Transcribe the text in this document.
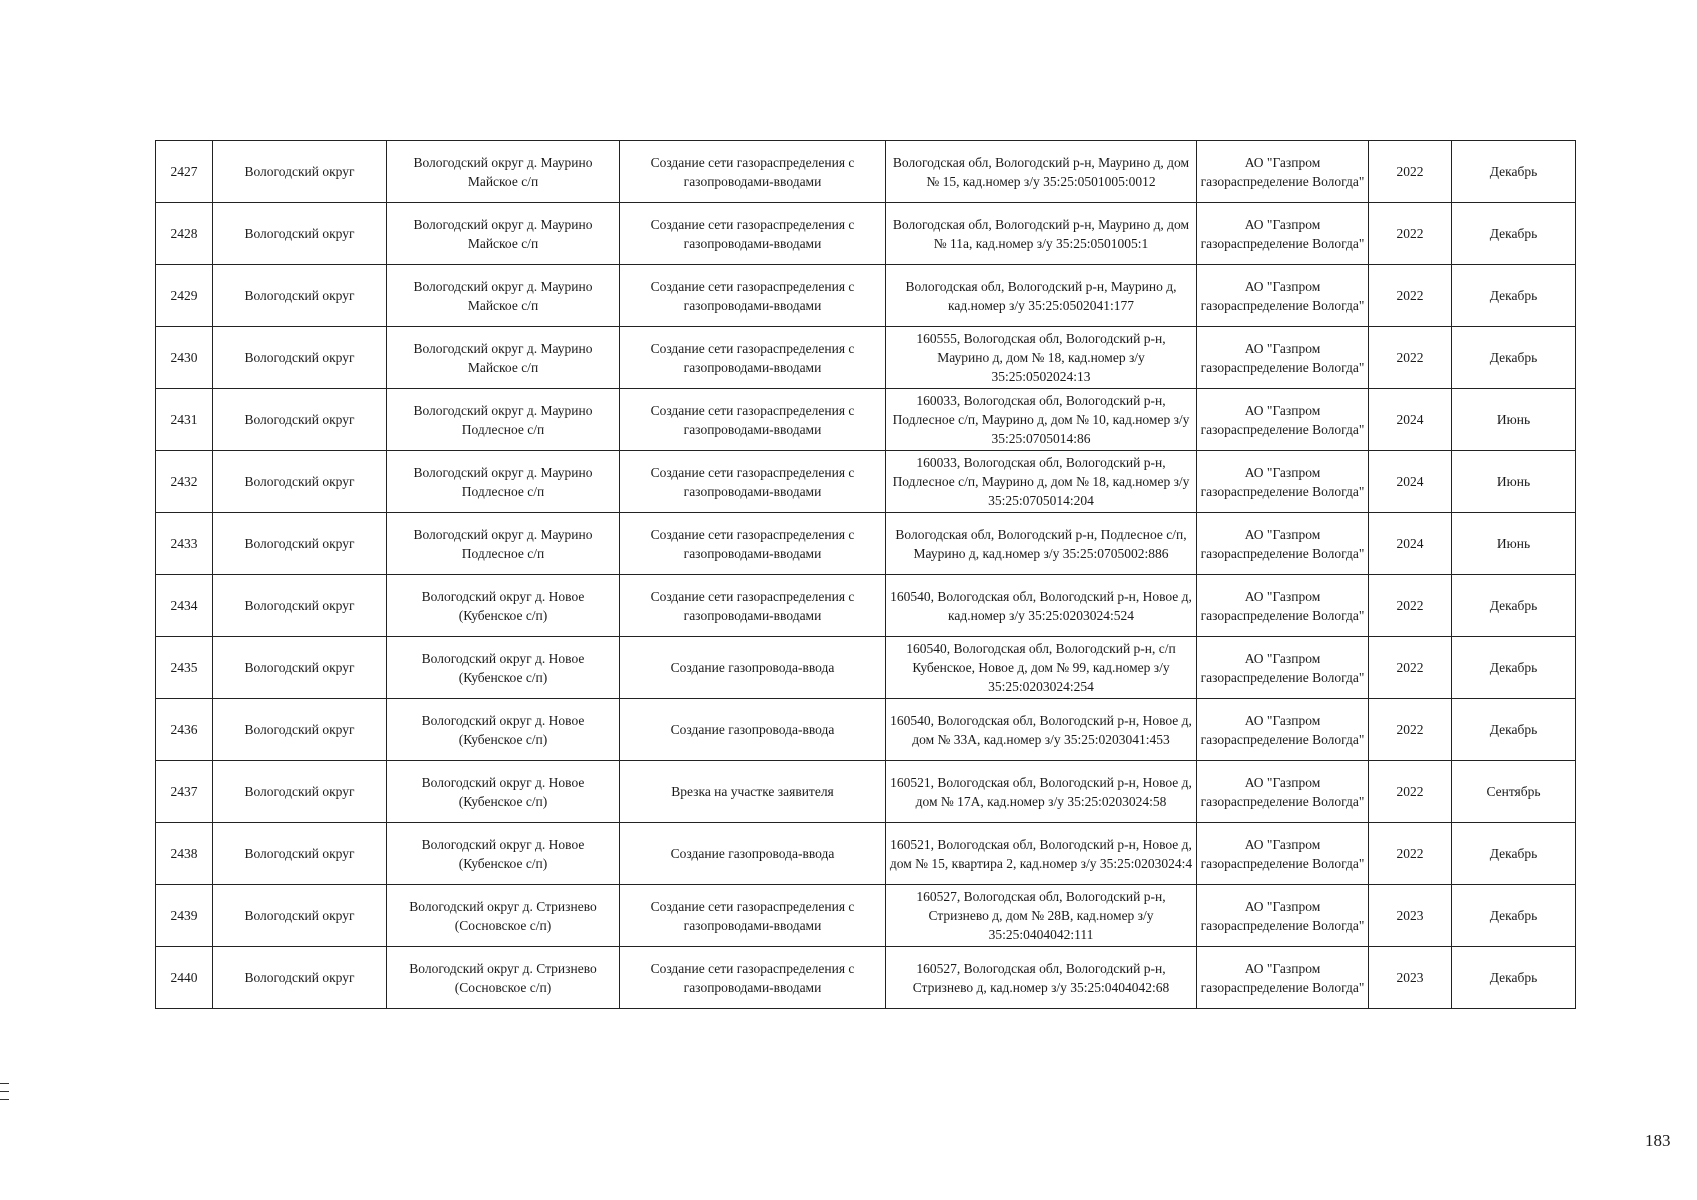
2427	Вологодский округ	Вологодский округ д. Маурино Майское с/п	Создание сети газораспределения с газопроводами-вводами	Вологодская обл, Вологодский р-н, Маурино д, дом № 15, кад.номер з/у 35:25:0501005:0012	АО "Газпром газораспределение Вологда"	2022	Декабрь
2428	Вологодский округ	Вологодский округ д. Маурино Майское с/п	Создание сети газораспределения с газопроводами-вводами	Вологодская обл, Вологодский р-н, Маурино д, дом № 11а, кад.номер з/у 35:25:0501005:1	АО "Газпром газораспределение Вологда"	2022	Декабрь
2429	Вологодский округ	Вологодский округ д. Маурино Майское с/п	Создание сети газораспределения с газопроводами-вводами	Вологодская обл, Вологодский р-н, Маурино д, кад.номер з/у 35:25:0502041:177	АО "Газпром газораспределение Вологда"	2022	Декабрь
2430	Вологодский округ	Вологодский округ д. Маурино Майское с/п	Создание сети газораспределения с газопроводами-вводами	160555, Вологодская обл, Вологодский р-н, Маурино д, дом № 18, кад.номер з/у 35:25:0502024:13	АО "Газпром газораспределение Вологда"	2022	Декабрь
2431	Вологодский округ	Вологодский округ д. Маурино Подлесное с/п	Создание сети газораспределения с газопроводами-вводами	160033, Вологодская обл, Вологодский р-н, Подлесное с/п, Маурино д, дом № 10, кад.номер з/у 35:25:0705014:86	АО "Газпром газораспределение Вологда"	2024	Июнь
2432	Вологодский округ	Вологодский округ д. Маурино Подлесное с/п	Создание сети газораспределения с газопроводами-вводами	160033, Вологодская обл, Вологодский р-н, Подлесное с/п, Маурино д, дом № 18, кад.номер з/у 35:25:0705014:204	АО "Газпром газораспределение Вологда"	2024	Июнь
2433	Вологодский округ	Вологодский округ д. Маурино Подлесное с/п	Создание сети газораспределения с газопроводами-вводами	Вологодская обл, Вологодский р-н, Подлесное с/п, Маурино д, кад.номер з/у 35:25:0705002:886	АО "Газпром газораспределение Вологда"	2024	Июнь
2434	Вологодский округ	Вологодский округ д. Новое (Кубенское с/п)	Создание сети газораспределения с газопроводами-вводами	160540, Вологодская обл, Вологодский р-н, Новое д, кад.номер з/у 35:25:0203024:524	АО "Газпром газораспределение Вологда"	2022	Декабрь
2435	Вологодский округ	Вологодский округ д. Новое (Кубенское с/п)	Создание газопровода-ввода	160540, Вологодская обл, Вологодский р-н, с/п Кубенское, Новое д, дом № 99, кад.номер з/у 35:25:0203024:254	АО "Газпром газораспределение Вологда"	2022	Декабрь
2436	Вологодский округ	Вологодский округ д. Новое (Кубенское с/п)	Создание газопровода-ввода	160540, Вологодская обл, Вологодский р-н, Новое д, дом № 33А, кад.номер з/у 35:25:0203041:453	АО "Газпром газораспределение Вологда"	2022	Декабрь
2437	Вологодский округ	Вологодский округ д. Новое (Кубенское с/п)	Врезка на участке заявителя	160521, Вологодская обл, Вологодский р-н, Новое д, дом № 17А, кад.номер з/у 35:25:0203024:58	АО "Газпром газораспределение Вологда"	2022	Сентябрь
2438	Вологодский округ	Вологодский округ д. Новое (Кубенское с/п)	Создание газопровода-ввода	160521, Вологодская обл, Вологодский р-н, Новое д, дом № 15, квартира 2, кад.номер з/у 35:25:0203024:4	АО "Газпром газораспределение Вологда"	2022	Декабрь
2439	Вологодский округ	Вологодский округ д. Стризнево (Сосновское с/п)	Создание сети газораспределения с газопроводами-вводами	160527, Вологодская обл, Вологодский р-н, Стризнево д, дом № 28В, кад.номер з/у 35:25:0404042:111	АО "Газпром газораспределение Вологда"	2023	Декабрь
2440	Вологодский округ	Вологодский округ д. Стризнево (Сосновское с/п)	Создание сети газораспределения с газопроводами-вводами	160527, Вологодская обл, Вологодский р-н, Стризнево д, кад.номер з/у 35:25:0404042:68	АО "Газпром газораспределение Вологда"	2023	Декабрь
183
